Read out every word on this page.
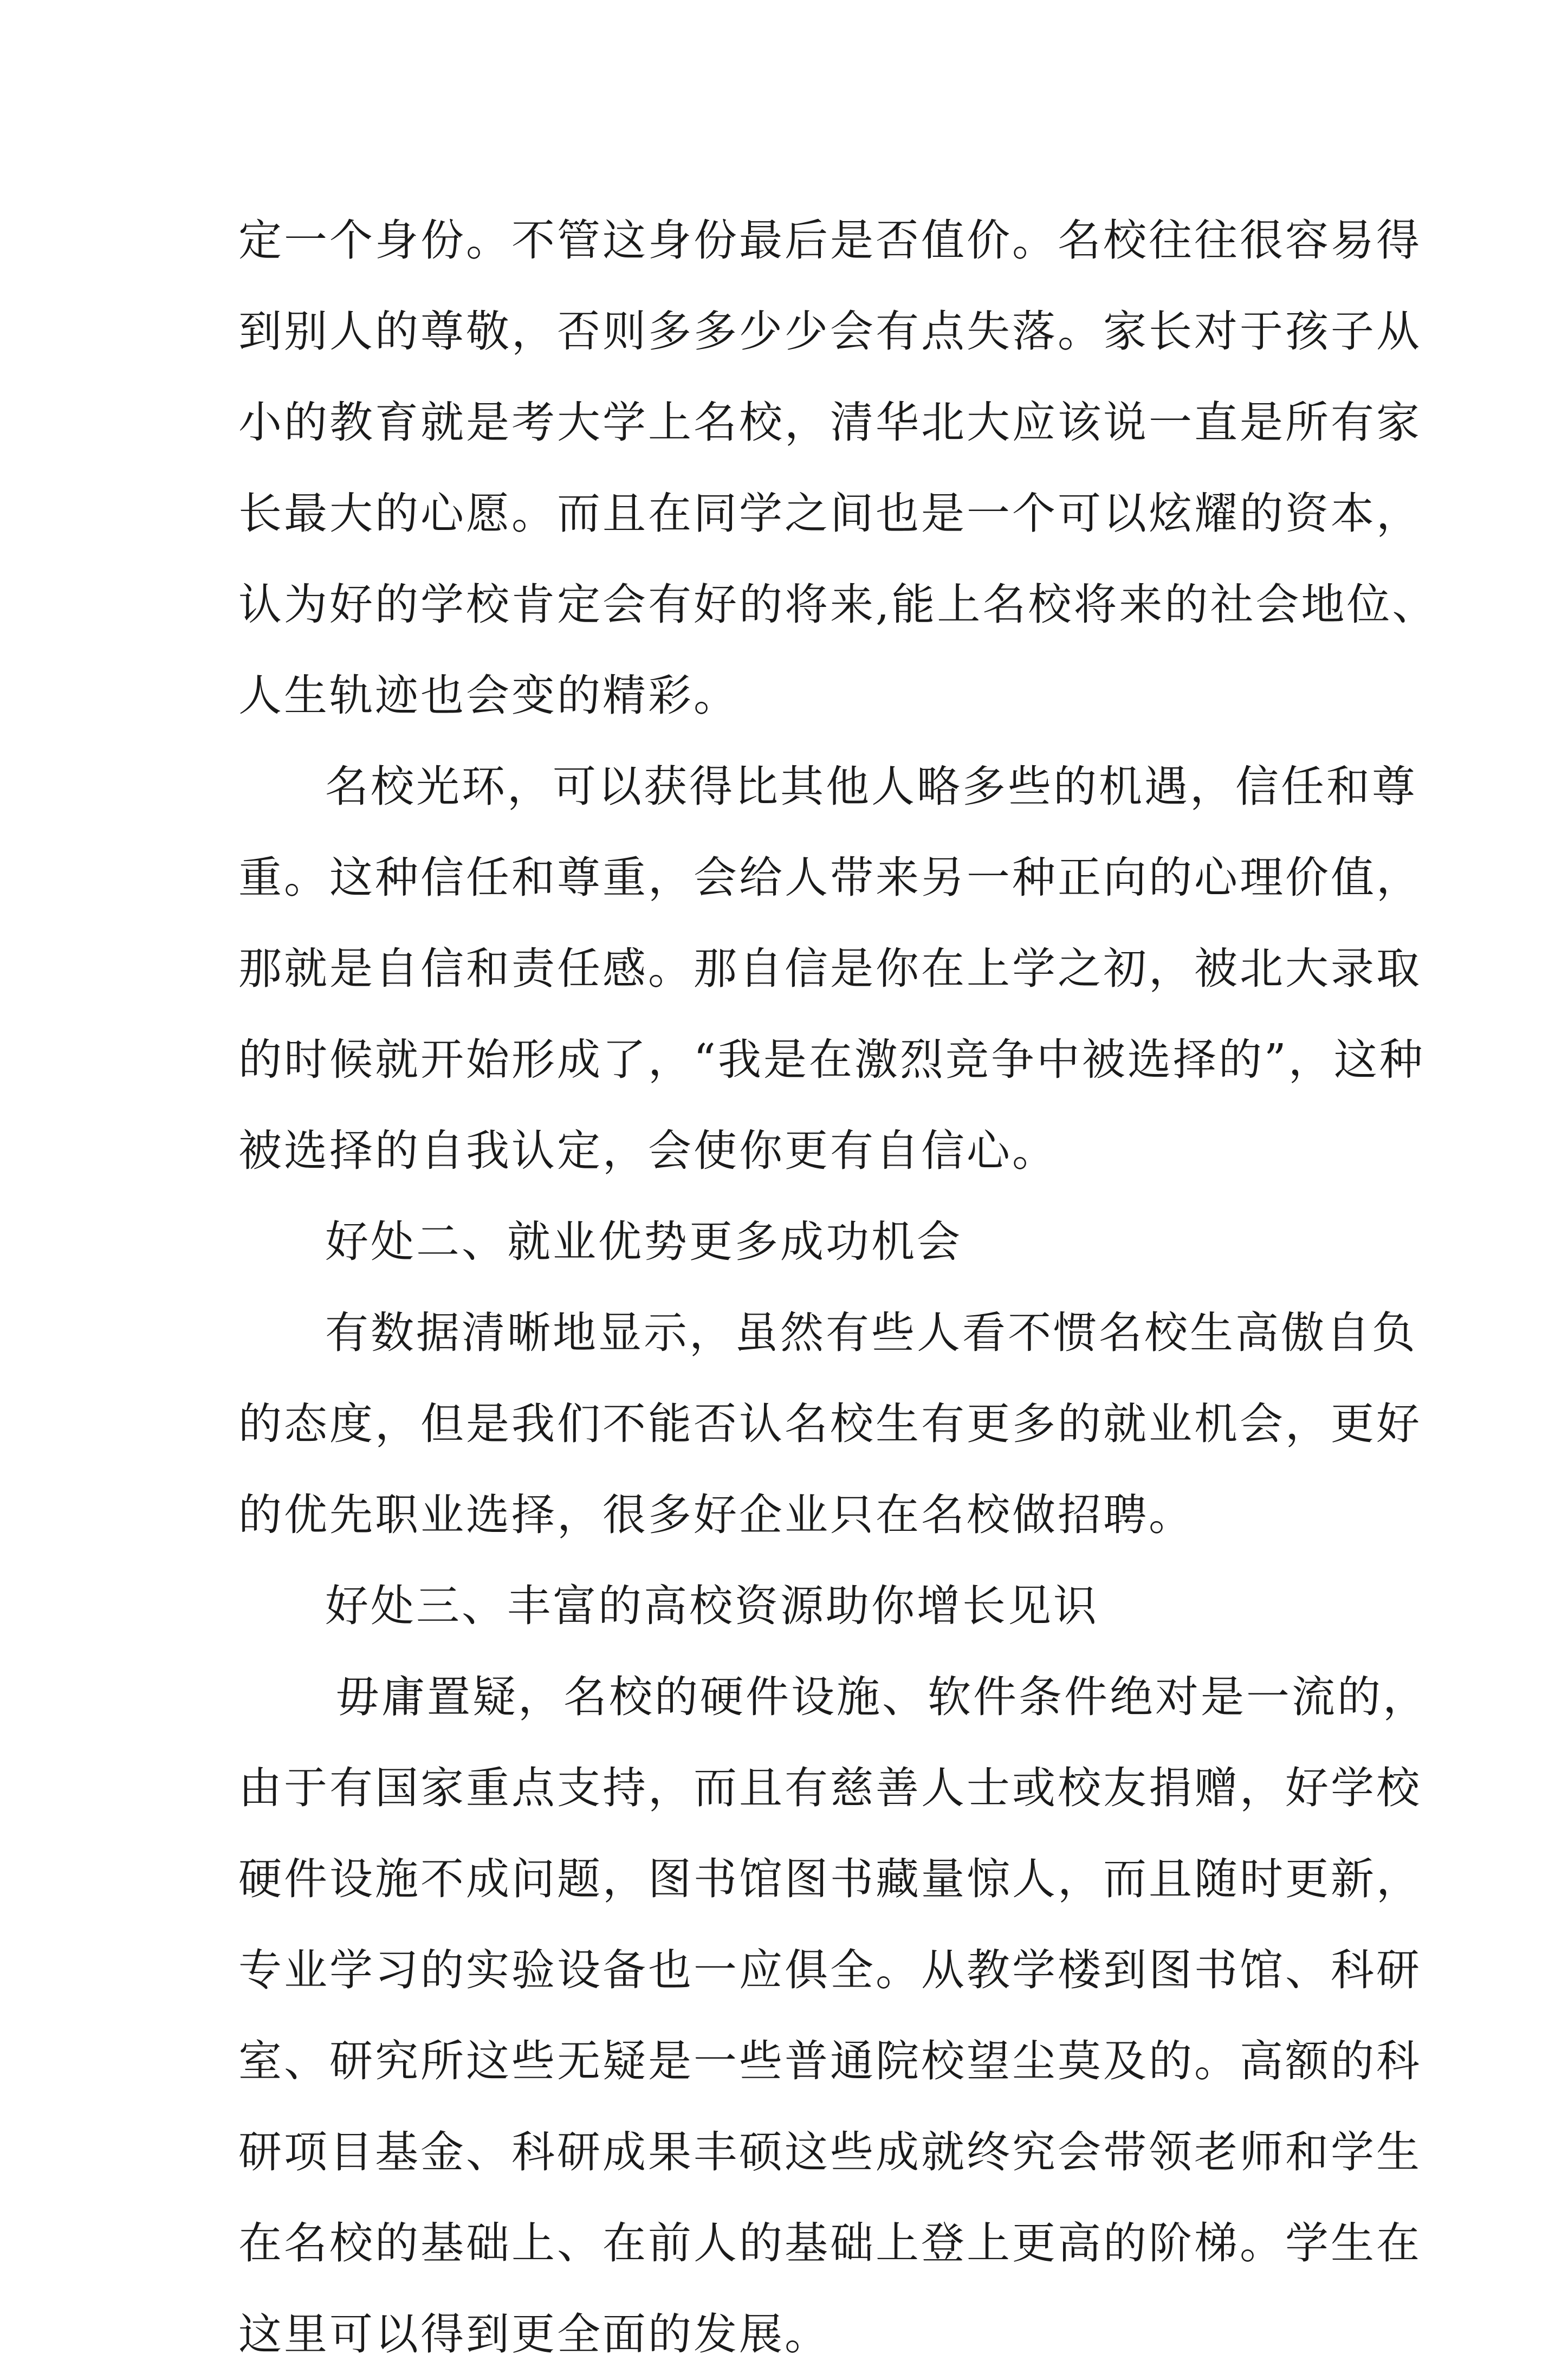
定一个身份。不管这身份最后是否值价。名校往往很容易得
到别人的尊敬，否则多多少少会有点失落。家长对于孩子从
小的教育就是考大学上名校，清华北大应该说一直是所有家
长最大的心愿。而且在同学之间也是一个可以炫耀的资本，
认为好的学校肯定会有好的将来,能上名校将来的社会地位、
人生轨迹也会变的精彩。
名校光环，可以获得比其他人略多些的机遇，信任和尊
重。这种信任和尊重，会给人带来另一种正向的心理价值，
那就是自信和责任感。那自信是你在上学之初，被北大录取
的时候就开始形成了，“我是在激烈竞争中被选择的”，这种
被选择的自我认定，会使你更有自信心。
好处二、就业优势更多成功机会
有数据清晰地显示，虽然有些人看不惯名校生高傲自负
的态度，但是我们不能否认名校生有更多的就业机会，更好
的优先职业选择，很多好企业只在名校做招聘。
好处三、丰富的高校资源助你增长见识
毋庸置疑，名校的硬件设施、软件条件绝对是一流的，
由于有国家重点支持，而且有慈善人士或校友捐赠，好学校
硬件设施不成问题，图书馆图书藏量惊人，而且随时更新，
专业学习的实验设备也一应俱全。从教学楼到图书馆、科研
室、研究所这些无疑是一些普通院校望尘莫及的。高额的科
研项目基金、科研成果丰硕这些成就终究会带领老师和学生
在名校的基础上、在前人的基础上登上更高的阶梯。学生在
这里可以得到更全面的发展。
